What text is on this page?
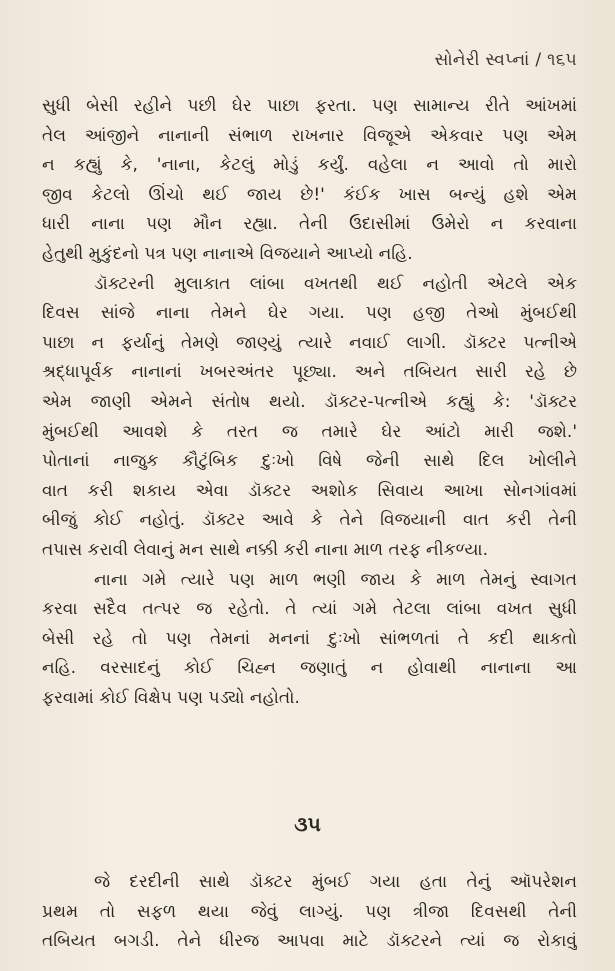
સોનેરી સ્વપ્નાં / ૧૬૫

સુધી બેસી રહીને પછી ઘેર પાછા ફરતા. પણ સામાન્ય રીતે આંખમાં
તેલ આંજીને નાનાની સંભાળ રાખનાર વિજૂએ એકવાર પણ એમ
ન કહ્યું કે, 'નાના, કેટલું મોડું કર્યું. વહેલા ન આવો તો મારો
જીવ કેટલો ઊંચો થઈ જાય છે!' કંઈક ખાસ બન્યું હશે એમ
ધારી નાના પણ મૌન રહ્યા. તેની ઉદાસીમાં ઉમેરો ન કરવાના
હેતુથી મુકુંદનો પત્ર પણ નાનાએ વિજયાને આપ્યો નહિ.

ડૉક્ટરની મુલાકાત લાંબા વખતથી થઈ નહોતી એટલે એક
દિવસ સાંજે નાના તેમને ઘેર ગયા. પણ હજી તેઓ મુંબઈથી
પાછા ન ફર્યાનું તેમણે જાણ્યું ત્યારે નવાઈ લાગી. ડૉક્ટર પત્નીએ
શ્રદ્ધાપૂર્વક નાનાનાં ખબરઅંતર પૂછ્યા. અને તબિયત સારી રહે છે
એમ જાણી એમને સંતોષ થયો. ડૉક્ટર-પત્નીએ કહ્યું કે: 'ડૉક્ટર
મુંબઈથી આવશે કે તરત જ તમારે ઘેર આંટો મારી જશે.'
પોતાનાં નાજુક કૌટુંબિક દુઃખો વિષે જેની સાથે દિલ ખોલીને
વાત કરી શકાય એવા ડૉક્ટર અશોક સિવાય આખા સોનગાંવમાં
બીજું કોઈ નહોતું. ડૉક્ટર આવે કે તેને વિજયાની વાત કરી તેની
તપાસ કરાવી લેવાનું મન સાથે નક્કી કરી નાના માળ તરફ નીકળ્યા.

નાના ગમે ત્યારે પણ માળ ભણી જાય કે માળ તેમનું સ્વાગત
કરવા સદૈવ તત્પર જ રહેતો. તે ત્યાં ગમે તેટલા લાંબા વખત સુધી
બેસી રહે તો પણ તેમનાં મનનાં દુઃખો સાંભળતાં તે કદી થાકતો
નહિ. વરસાદનું કોઈ ચિહ્ન જણાતું ન હોવાથી નાનાના આ
ફરવામાં કોઈ વિક્ષેપ પણ પડ્યો નહોતો.

૩૫

જે દરદીની સાથે ડૉક્ટર મુંબઈ ગયા હતા તેનું ઑપરેશન
પ્રથમ તો સફળ થયા જેવું લાગ્યું. પણ ત્રીજા દિવસથી તેની
તબિયત બગડી. તેને ધીરજ આપવા માટે ડૉક્ટરને ત્યાં જ રોકાવું
